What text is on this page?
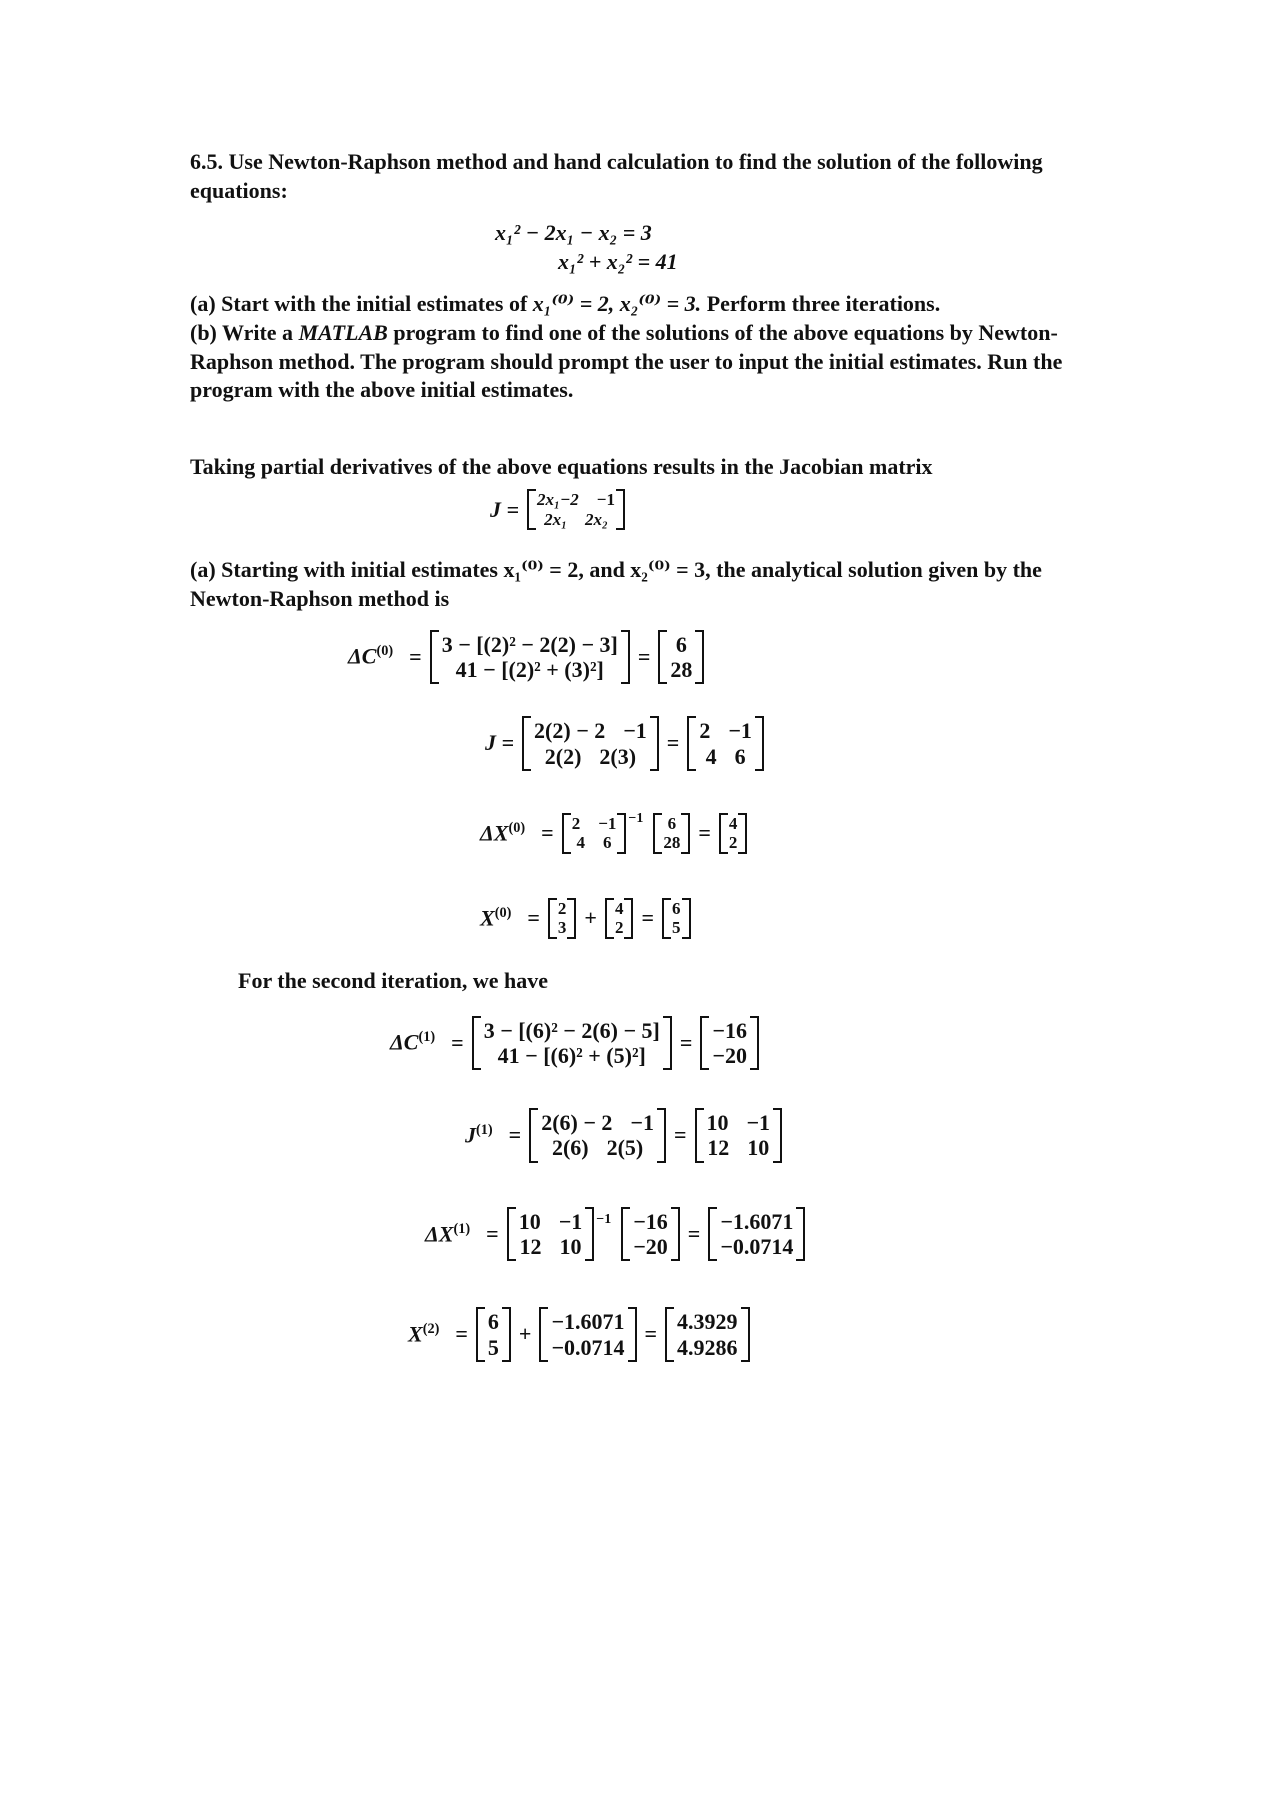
6.5. Use Newton-Raphson method and hand calculation to find the solution of the following equations:

x₁² − 2x₁ − x₂ = 3
x₁² + x₂² = 41

(a) Start with the initial estimates of x₁⁽⁰⁾ = 2, x₂⁽⁰⁾ = 3. Perform three iterations.

(b) Write a MATLAB program to find one of the solutions of the above equations by Newton-Raphson method. The program should prompt the user to input the initial estimates. Run the program with the above initial estimates.

Taking partial derivatives of the above equations results in the Jacobian matrix

J = 2x₁−2 −1
2x₁ 2x₂

(a) Starting with initial estimates x₁⁽⁰⁾ = 2, and x₂⁽⁰⁾ = 3, the analytical solution given by the Newton-Raphson method is

$\Delta C^{(0)} = 3 - [(2)^2 - 2(2) - 3]$
41 − [(2)² + (3)²]
= 6
28
J = 2(2) − 2 −1
2(2) 2(3)
= 2 −1
4 6
$\Delta X^{(0)} = 2 -1$
4 6
−1 6
28 = 4
2
$X^{(0)} = 2$
3 + 4
2 = 6
5

For the second iteration, we have

$\Delta C^{(1)} = 3 - [(6)^2 - 2(6) - 5]$
41 − [(6)² + (5)²]
= −16
−20
$J^{(1)} = 2(6) - 2 -1$
2(6) 2(5)
= 10 −1
12 10
$\Delta X^{(1)} = 10 -1$
12 10
−1 −16
−20
= −1.6071
−0.0714
$X^{(2)} = 6$
5
+ −1.6071
−0.0714
= 4.3929
4.9286
